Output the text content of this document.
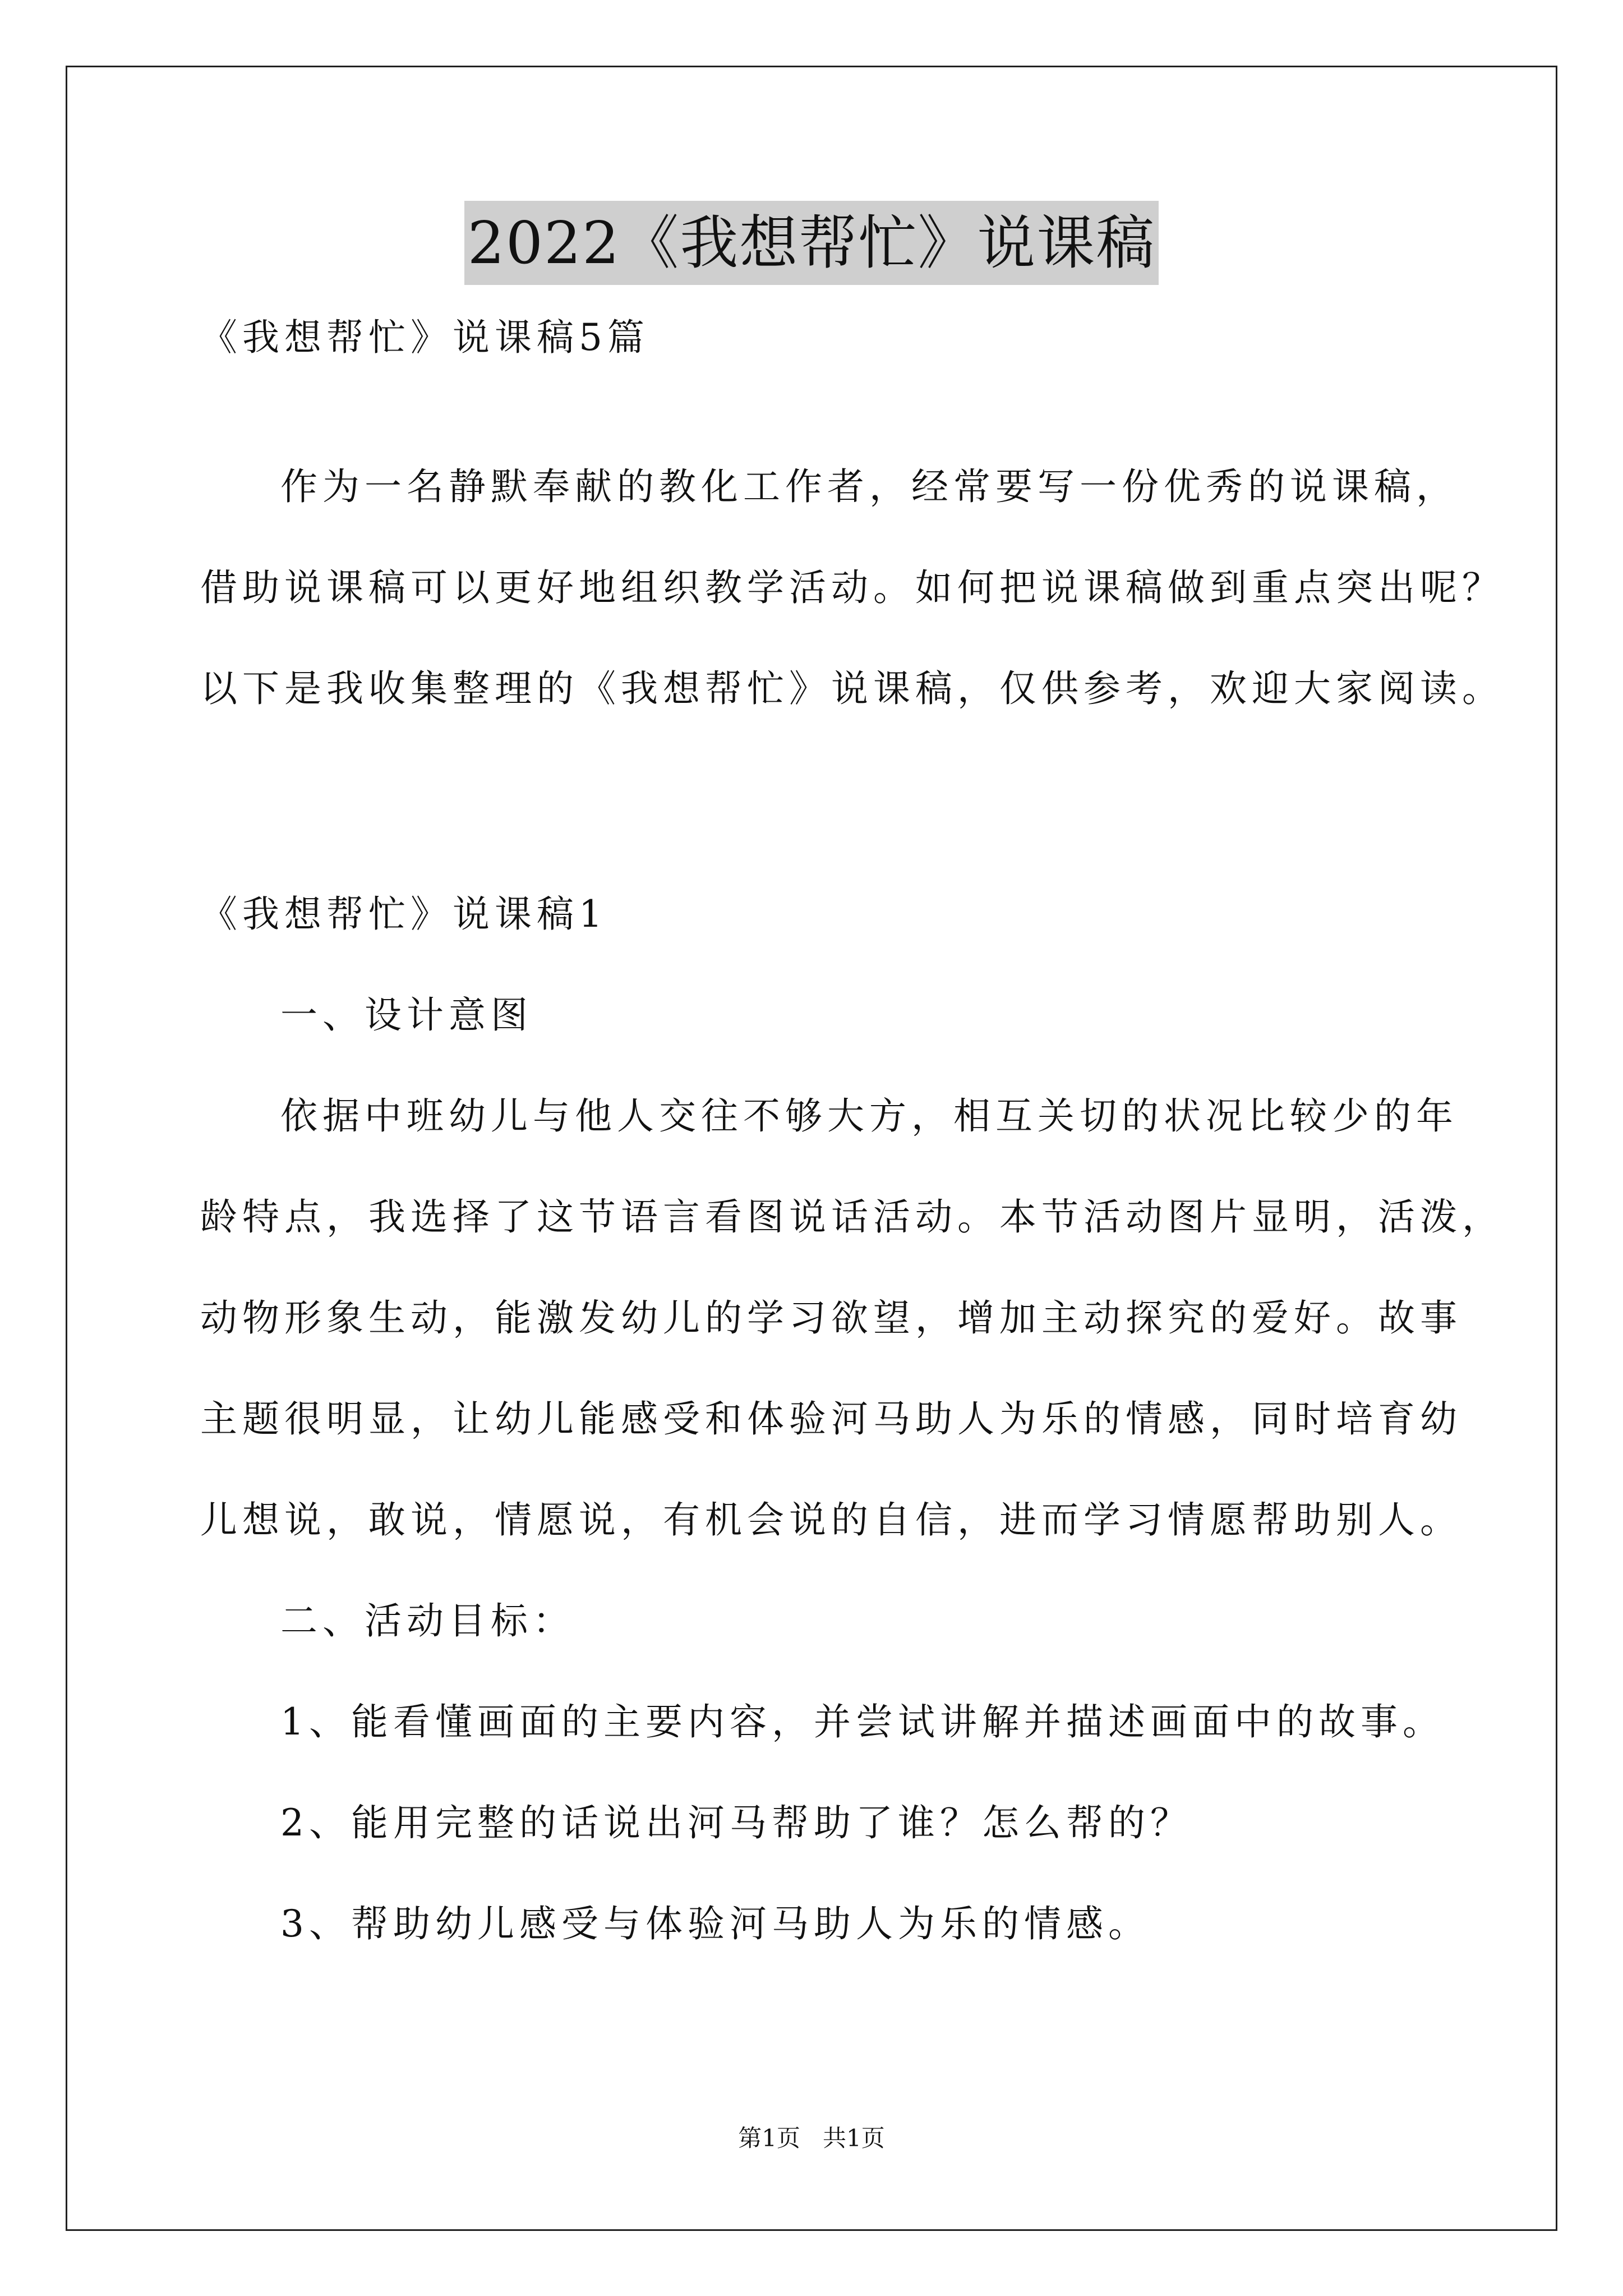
2022《我想帮忙》说课稿
《我想帮忙》说课稿5篇
作为一名静默奉献的教化工作者，经常要写一份优秀的说课稿，
借助说课稿可以更好地组织教学活动。如何把说课稿做到重点突出呢？
以下是我收集整理的《我想帮忙》说课稿，仅供参考，欢迎大家阅读。
《我想帮忙》说课稿1
一、设计意图
依据中班幼儿与他人交往不够大方，相互关切的状况比较少的年
龄特点，我选择了这节语言看图说话活动。本节活动图片显明，活泼，
动物形象生动，能激发幼儿的学习欲望，增加主动探究的爱好。故事
主题很明显，让幼儿能感受和体验河马助人为乐的情感，同时培育幼
儿想说，敢说，情愿说，有机会说的自信，进而学习情愿帮助别人。
二、活动目标：
1、能看懂画面的主要内容，并尝试讲解并描述画面中的故事。
2、能用完整的话说出河马帮助了谁？怎么帮的？
3、帮助幼儿感受与体验河马助人为乐的情感。
第1页   共1页
